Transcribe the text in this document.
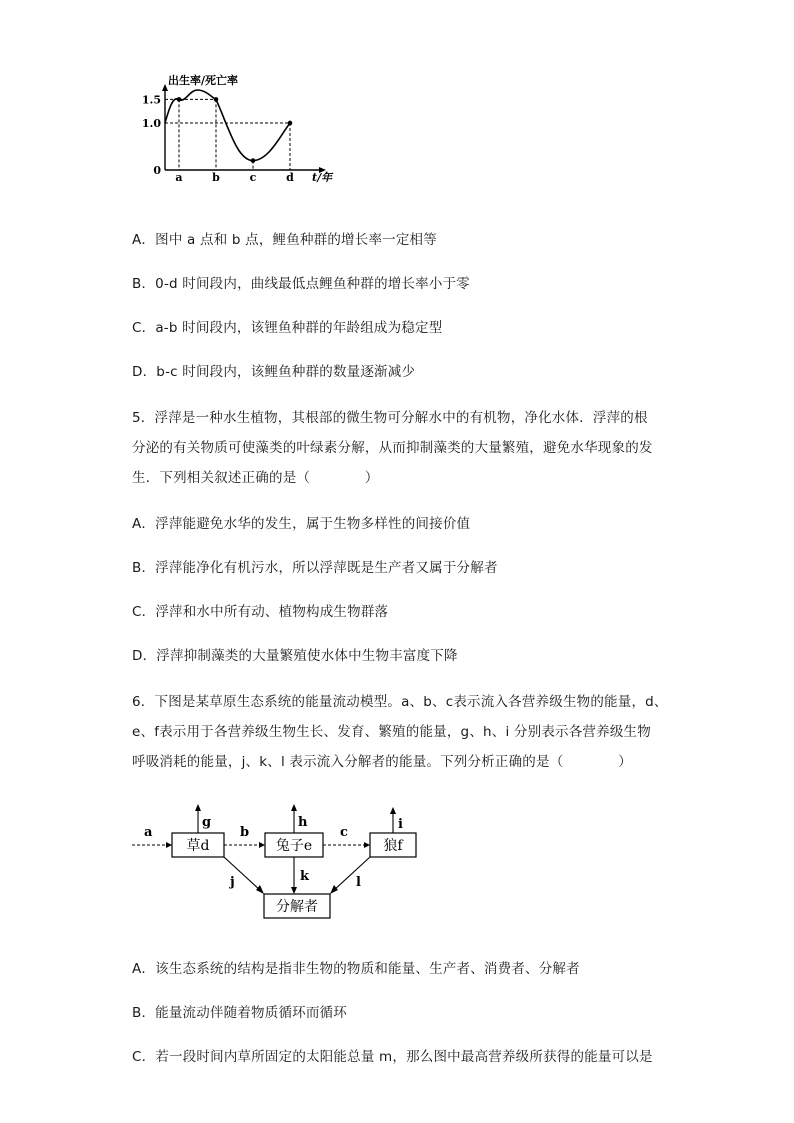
0
1.0
1.5
a	b	c	d
出生率/死亡率
t/年
A．图中 a 点和 b 点，鲤鱼种群的增长率一定相等
B．0-d 时间段内，曲线最低点鲤鱼种群的增长率小于零
C．a-b 时间段内，该锂鱼种群的年龄组成为稳定型
D．b-c 时间段内，该鲤鱼种群的数量逐渐减少
5．浮萍是一种水生植物，其根部的微生物可分解水中的有机物，净化水体．浮萍的根
分泌的有关物质可使藻类的叶绿素分解，从而抑制藻类的大量繁殖，避免水华现象的发
生．下列相关叙述正确的是（　　　　）
A．浮萍能避免水华的发生，属于生物多样性的间接价值
B．浮萍能净化有机污水，所以浮萍既是生产者又属于分解者
C．浮萍和水中所有动、植物构成生物群落
D．浮萍抑制藻类的大量繁殖使水体中生物丰富度下降
6．下图是某草原生态系统的能量流动模型。a、b、c表示流入各营养级生物的能量，d、
e、f表示用于各营养级生物生长、发育、繁殖的能量，g、h、i 分别表示各营养级生物
呼吸消耗的能量，j、k、l 表示流入分解者的能量。下列分析正确的是（　　　　）
草d	兔子e	狼f
分解者
a	b	c
g	h	i
j	k	l
A．该生态系统的结构是指非生物的物质和能量、生产者、消费者、分解者
B．能量流动伴随着物质循环而循环
C．若一段时间内草所固定的太阳能总量 m，那么图中最高营养级所获得的能量可以是
